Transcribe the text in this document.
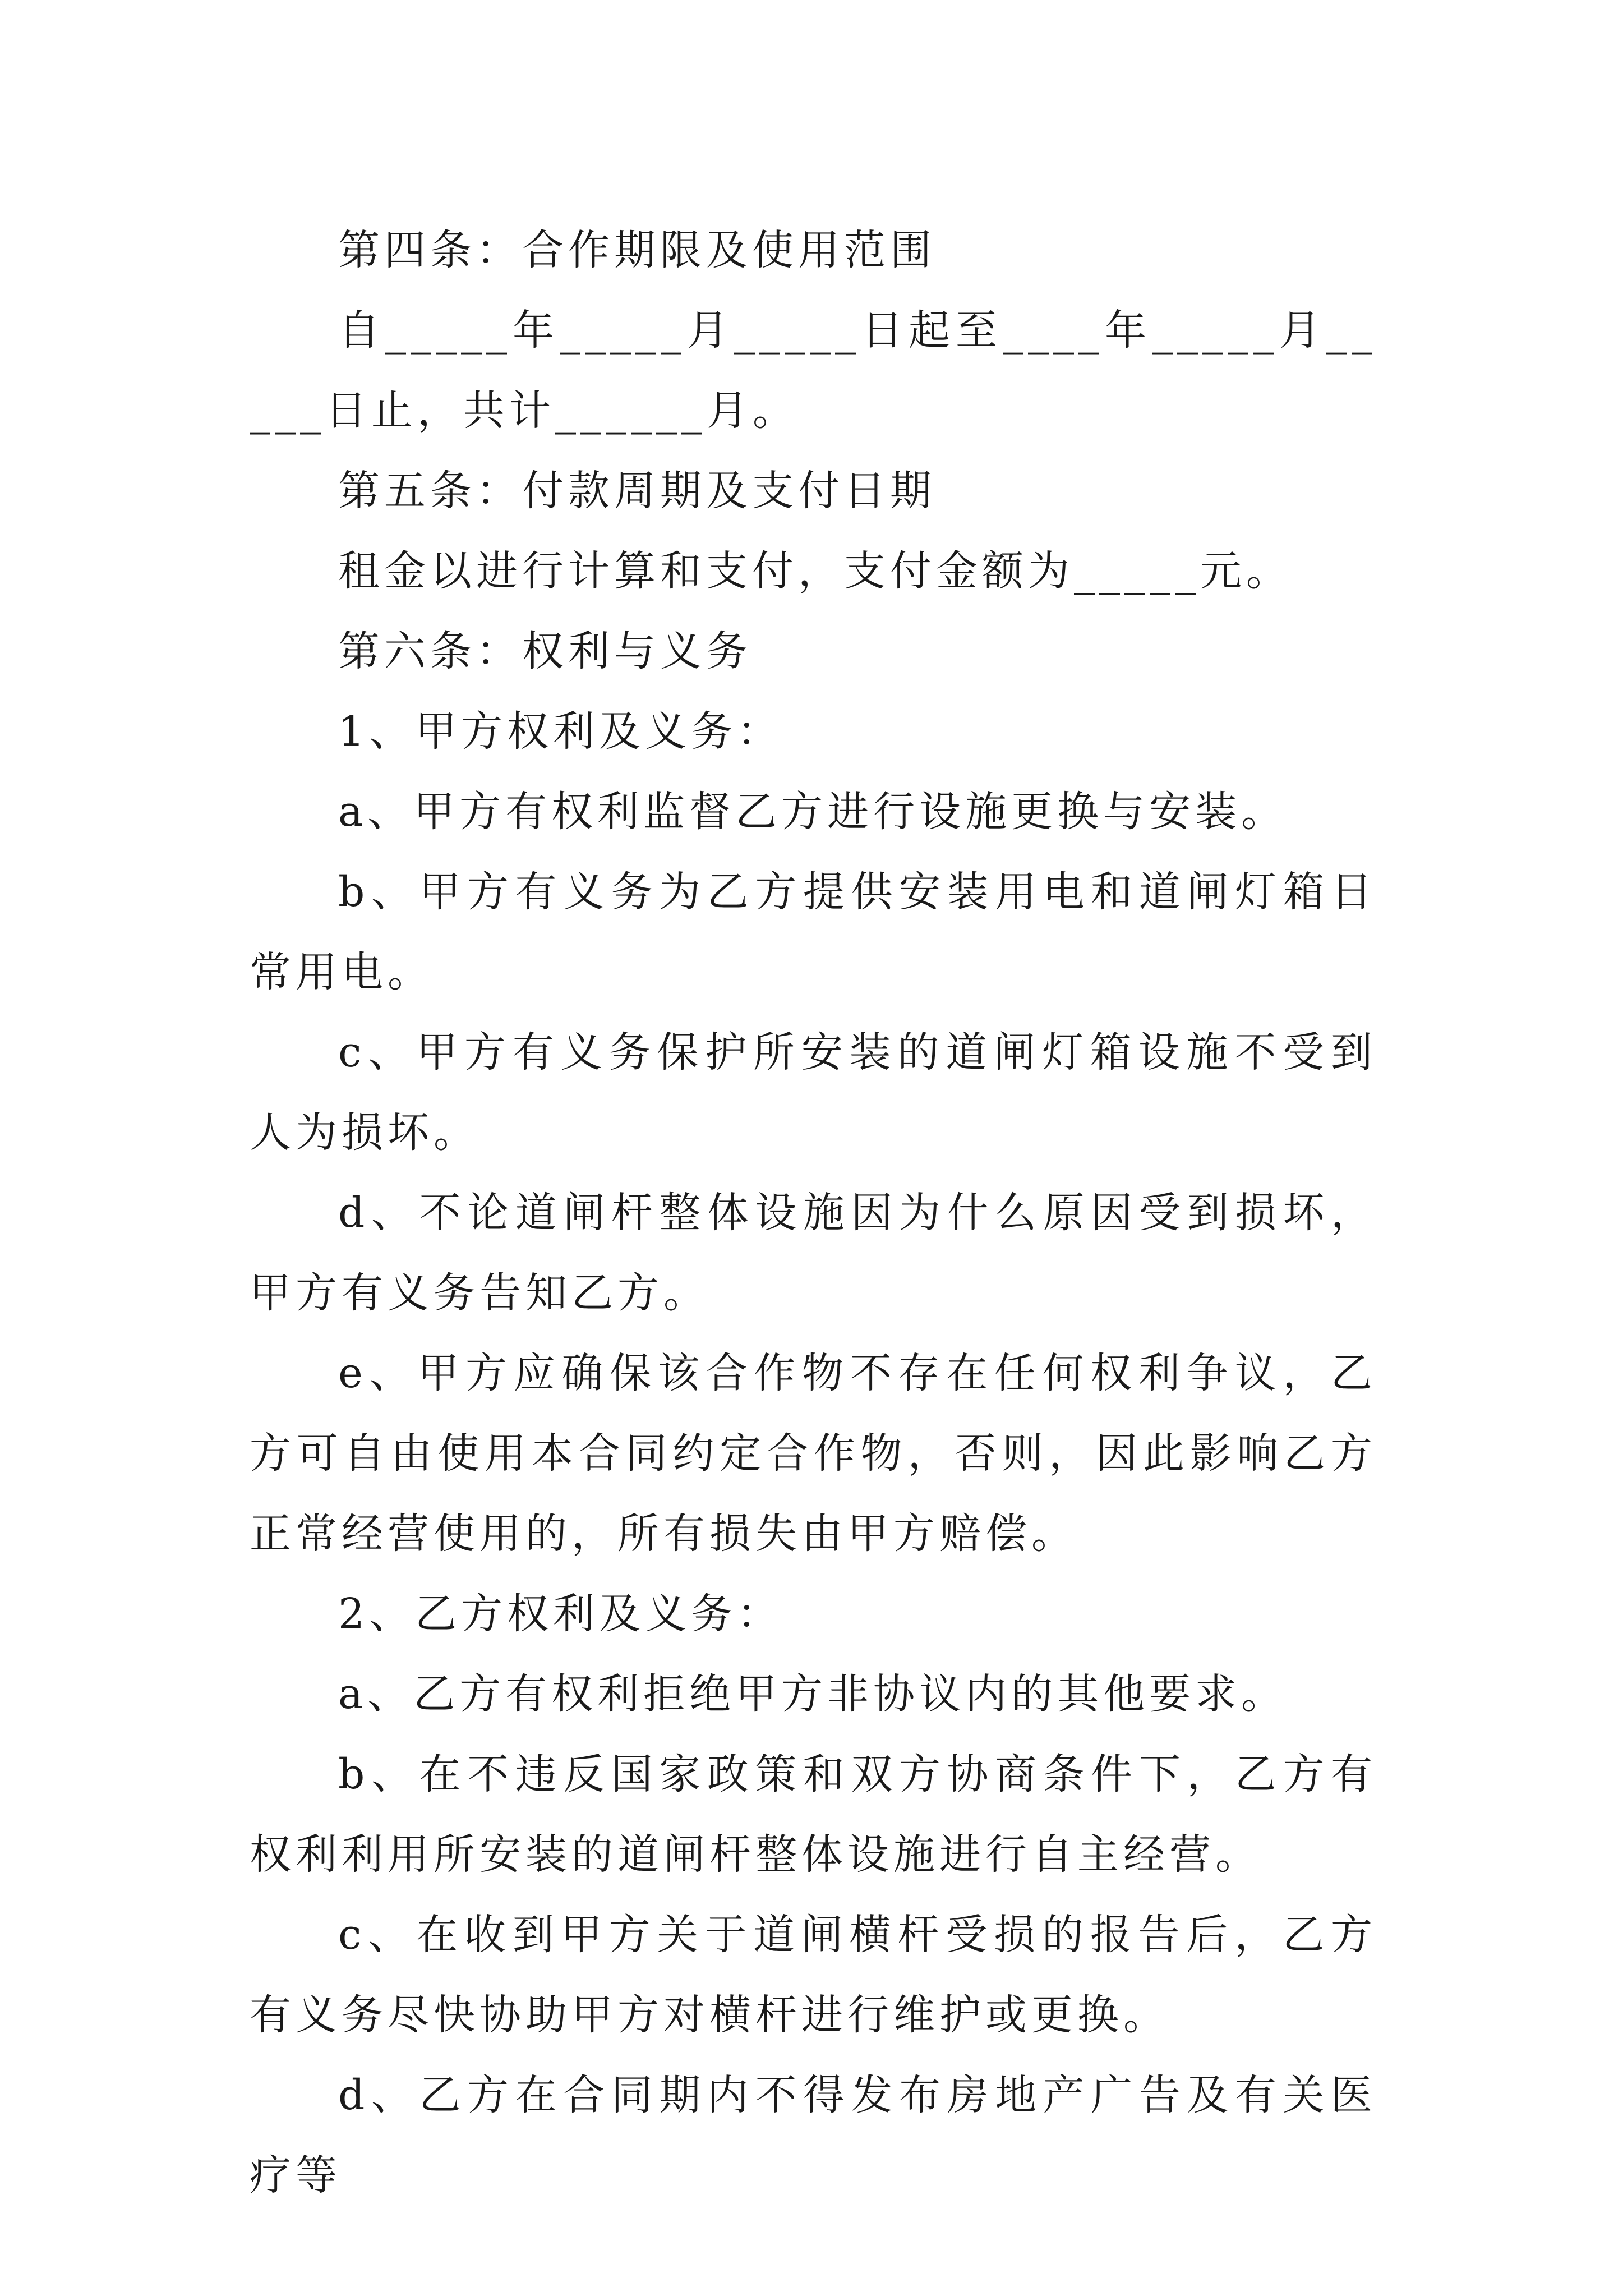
第四条：合作期限及使用范围

自_____年_____月_____日起至____年_____月_____日止，共计______月。

第五条：付款周期及支付日期

租金以进行计算和支付，支付金额为_____元。

第六条：权利与义务

1、甲方权利及义务：

a、甲方有权利监督乙方进行设施更换与安装。

b、甲方有义务为乙方提供安装用电和道闸灯箱日常用电。

c、甲方有义务保护所安装的道闸灯箱设施不受到人为损坏。

d、不论道闸杆整体设施因为什么原因受到损坏，甲方有义务告知乙方。

e、甲方应确保该合作物不存在任何权利争议，乙方可自由使用本合同约定合作物，否则，因此影响乙方正常经营使用的，所有损失由甲方赔偿。

2、乙方权利及义务：

a、乙方有权利拒绝甲方非协议内的其他要求。

b、在不违反国家政策和双方协商条件下，乙方有权利利用所安装的道闸杆整体设施进行自主经营。

c、在收到甲方关于道闸横杆受损的报告后，乙方有义务尽快协助甲方对横杆进行维护或更换。

d、乙方在合同期内不得发布房地产广告及有关医疗等
